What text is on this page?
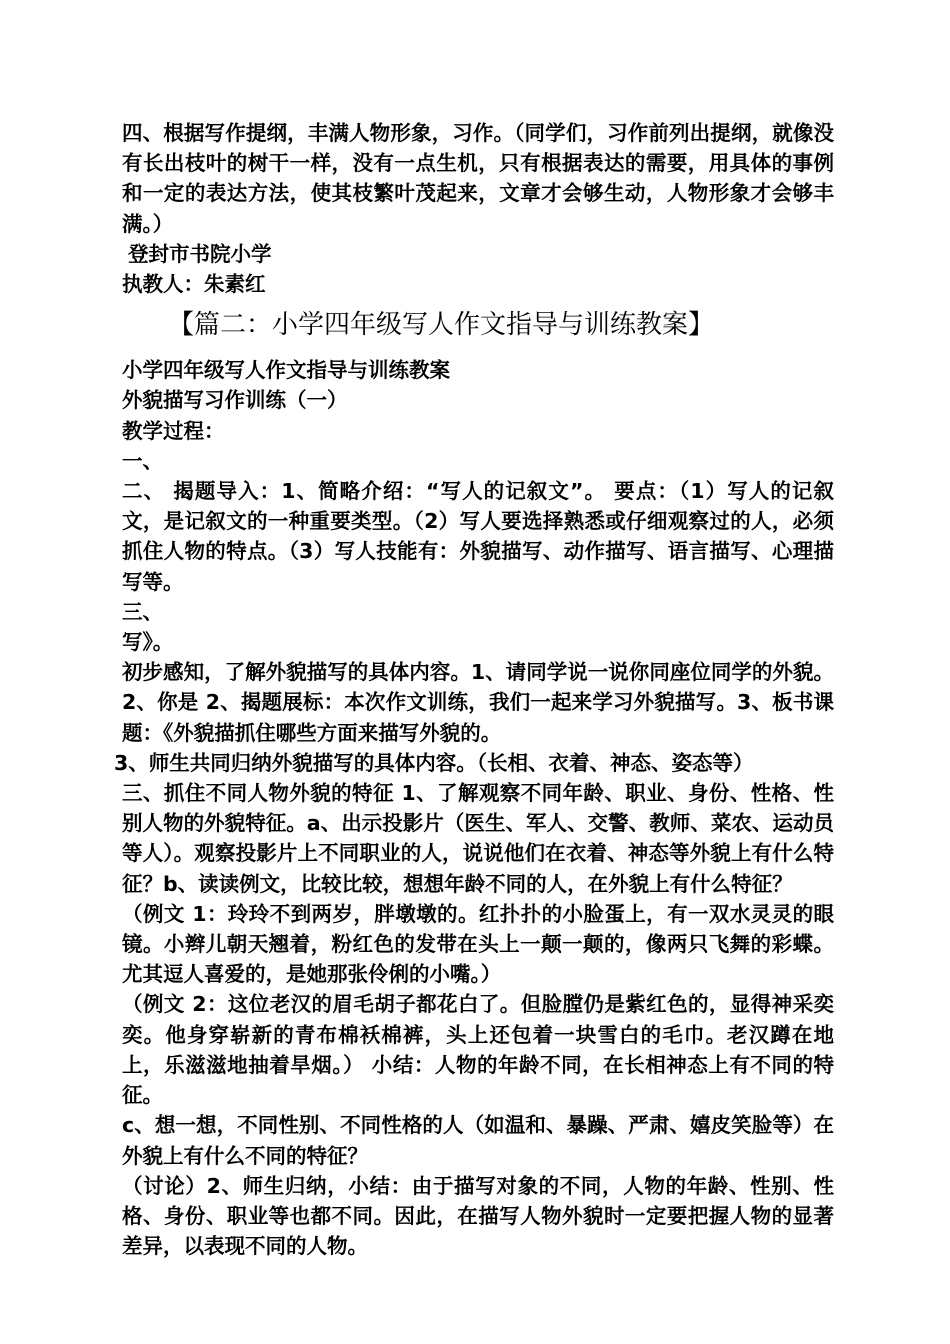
四、根据写作提纲，丰满人物形象，习作。（同学们，习作前列出提纲，就像没有长出枝叶的树干一样，没有一点生机，只有根据表达的需要，用具体的事例和一定的表达方法，使其枝繁叶茂起来，文章才会够生动，人物形象才会够丰满。）

登封市书院小学

执教人：朱素红

【篇二：小学四年级写人作文指导与训练教案】

小学四年级写人作文指导与训练教案

外貌描写习作训练（一）

教学过程：

一、

二、 揭题导入：1、简略介绍：“写人的记叙文”。 要点：（1）写人的记叙文，是记叙文的一种重要类型。（2）写人要选择熟悉或仔细观察过的人，必须抓住人物的特点。（3）写人技能有：外貌描写、动作描写、语言描写、心理描写等。

三、

写》。

初步感知，了解外貌描写的具体内容。1、请同学说一说你同座位同学的外貌。2、你是 2、揭题展标：本次作文训练，我们一起来学习外貌描写。3、板书课题：《外貌描抓住哪些方面来描写外貌的。

3、师生共同归纳外貌描写的具体内容。（长相、衣着、神态、姿态等）

三、抓住不同人物外貌的特征 1、了解观察不同年龄、职业、身份、性格、性别人物的外貌特征。a、出示投影片（医生、军人、交警、教师、菜农、运动员等人）。观察投影片上不同职业的人，说说他们在衣着、神态等外貌上有什么特征？b、读读例文，比较比较，想想年龄不同的人，在外貌上有什么特征？

（例文 1：玲玲不到两岁，胖墩墩的。红扑扑的小脸蛋上，有一双水灵灵的眼镜。小辫儿朝天翘着，粉红色的发带在头上一颠一颠的，像两只飞舞的彩蝶。尤其逗人喜爱的，是她那张伶俐的小嘴。）

（例文 2：这位老汉的眉毛胡子都花白了。但脸膛仍是紫红色的，显得神采奕奕。他身穿崭新的青布棉袄棉裤，头上还包着一块雪白的毛巾。老汉蹲在地上，乐滋滋地抽着旱烟。） 小结：人物的年龄不同，在长相神态上有不同的特征。

c、想一想，不同性别、不同性格的人（如温和、暴躁、严肃、嬉皮笑脸等）在外貌上有什么不同的特征？

（讨论）2、师生归纳，小结：由于描写对象的不同，人物的年龄、性别、性格、身份、职业等也都不同。因此，在描写人物外貌时一定要把握人物的显著差异，以表现不同的人物。
